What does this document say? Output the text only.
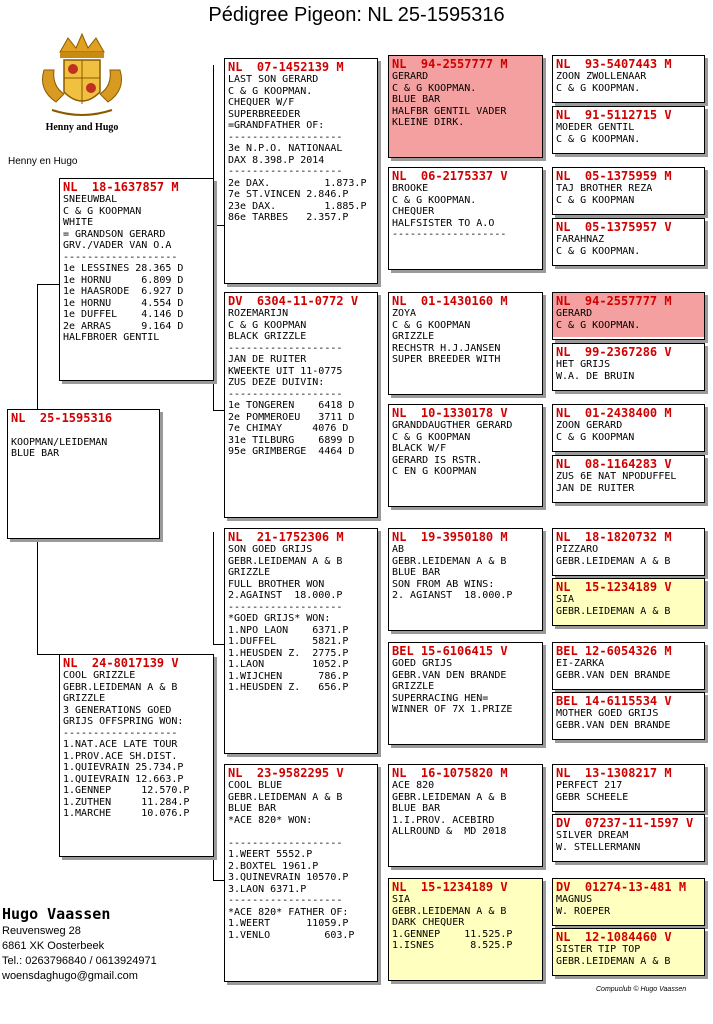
Pédigree Pigeon: NL 25-1595316
Henny and Hugo
Henny en Hugo
NL  25-1595316

KOOPMAN/LEIDEMAN
BLUE BAR
NL  18-1637857 M
SNEEUWBAL
C & G KOOPMAN
WHITE
= GRANDSON GERARD
GRV./VADER VAN O.A
-------------------
1e LESSINES 28.365 D
1e HORNU     6.809 D
1e HAASRODE  6.927 D
1e HORNU     4.554 D
1e DUFFEL    4.146 D
2e ARRAS     9.164 D
HALFBROER GENTIL
NL  24-8017139 V
COOL GRIZZLE
GEBR.LEIDEMAN A & B
GRIZZLE
3 GENERATIONS GOED
GRIJS OFFSPRING WON:
-------------------
1.NAT.ACE LATE TOUR
1.PROV.ACE SH.DIST.
1.QUIEVRAIN 25.734.P
1.QUIEVRAIN 12.663.P
1.GENNEP     12.570.P
1.ZUTHEN     11.284.P
1.MARCHE     10.076.P
NL  07-1452139 M
LAST SON GERARD
C & G KOOPMAN.
CHEQUER W/F
SUPERBREEDER
=GRANDFATHER OF:
-------------------
3e N.P.O. NATIONAAL
DAX 8.398.P 2014
-------------------
2e DAX.         1.873.P
7e ST.VINCEN 2.846.P
23e DAX.        1.885.P
86e TARBES   2.357.P
DV  6304-11-0772 V
ROZEMARIJN
C & G KOOPMAN
BLACK GRIZZLE
-------------------
JAN DE RUITER
KWEEKTE UIT 11-0775
ZUS DEZE DUIVIN:
-------------------
1e TONGEREN    6418 D
2e POMMEROEU   3711 D
7e CHIMAY     4076 D
31e TILBURG    6899 D
95e GRIMBERGE  4464 D
NL  21-1752306 M
SON GOED GRIJS
GEBR.LEIDEMAN A & B
GRIZZLE
FULL BROTHER WON
2.AGAINST  18.000.P
-------------------
*GOED GRIJS* WON:
1.NPO LAON    6371.P
1.DUFFEL      5821.P
1.HEUSDEN Z.  2775.P
1.LAON        1052.P
1.WIJCHEN      786.P
1.HEUSDEN Z.   656.P
NL  23-9582295 V
COOL BLUE
GEBR.LEIDEMAN A & B
BLUE BAR
*ACE 820* WON:

-------------------
1.WEERT 5552.P
2.BOXTEL 1961.P
3.QUINEVRAIN 10570.P
3.LAON 6371.P
-------------------
*ACE 820* FATHER OF:
1.WEERT      11059.P
1.VENLO         603.P
NL  94-2557777 M
GERARD
C & G KOOPMAN.
BLUE BAR
HALFBR GENTIL VADER
KLEINE DIRK.
NL  06-2175337 V
BROOKE
C & G KOOPMAN.
CHEQUER
HALFSISTER TO A.O
-------------------
NL  01-1430160 M
ZOYA
C & G KOOPMAN
GRIZZLE
RECHSTR H.J.JANSEN
SUPER BREEDER WITH
NL  10-1330178 V
GRANDDAUGTHER GERARD
C & G KOOPMAN
BLACK W/F
GERARD IS RSTR.
C EN G KOOPMAN
NL  19-3950180 M
AB
GEBR.LEIDEMAN A & B
BLUE BAR
SON FROM AB WINS:
2. AGIANST  18.000.P
BEL 15-6106415 V
GOED GRIJS
GEBR.VAN DEN BRANDE
GRIZZLE
SUPERRACING HEN=
WINNER OF 7X 1.PRIZE
NL  16-1075820 M
ACE 820
GEBR.LEIDEMAN A & B
BLUE BAR
1.I.PROV. ACEBIRD
ALLROUND &  MD 2018
NL  15-1234189 V
SIA
GEBR.LEIDEMAN A & B
DARK CHEQUER
1.GENNEP    11.525.P
1.ISNES      8.525.P
NL  93-5407443 M
ZOON ZWOLLENAAR
C & G KOOPMAN.
NL  91-5112715 V
MOEDER GENTIL
C & G KOOPMAN.
NL  05-1375959 M
TAJ BROTHER REZA
C & G KOOPMAN
NL  05-1375957 V
FARAHNAZ
C & G KOOPMAN.
NL  94-2557777 M
GERARD
C & G KOOPMAN.
NL  99-2367286 V
HET GRIJS
W.A. DE BRUIN
NL  01-2438400 M
ZOON GERARD
C & G KOOPMAN
NL  08-1164283 V
ZUS 6E NAT NPODUFFEL
JAN DE RUITER
NL  18-1820732 M
PIZZARO
GEBR.LEIDEMAN A & B
NL  15-1234189 V
SIA
GEBR.LEIDEMAN A & B
BEL 12-6054326 M
EI-ZARKA
GEBR.VAN DEN BRANDE
BEL 14-6115534 V
MOTHER GOED GRIJS
GEBR.VAN DEN BRANDE
NL  13-1308217 M
PERFECT 217
GEBR SCHEELE
DV  07237-11-1597 V
SILVER DREAM
W. STELLERMANN
DV  01274-13-481 M
MAGNUS
W. ROEPER
NL  12-1084460 V
SISTER TIP TOP
GEBR.LEIDEMAN A & B
Hugo Vaassen
Reuvensweg 28
6861 XK Oosterbeek
Tel.: 0263796840 / 0613924971
woensdaghugo@gmail.com
Compuclub © Hugo Vaassen
